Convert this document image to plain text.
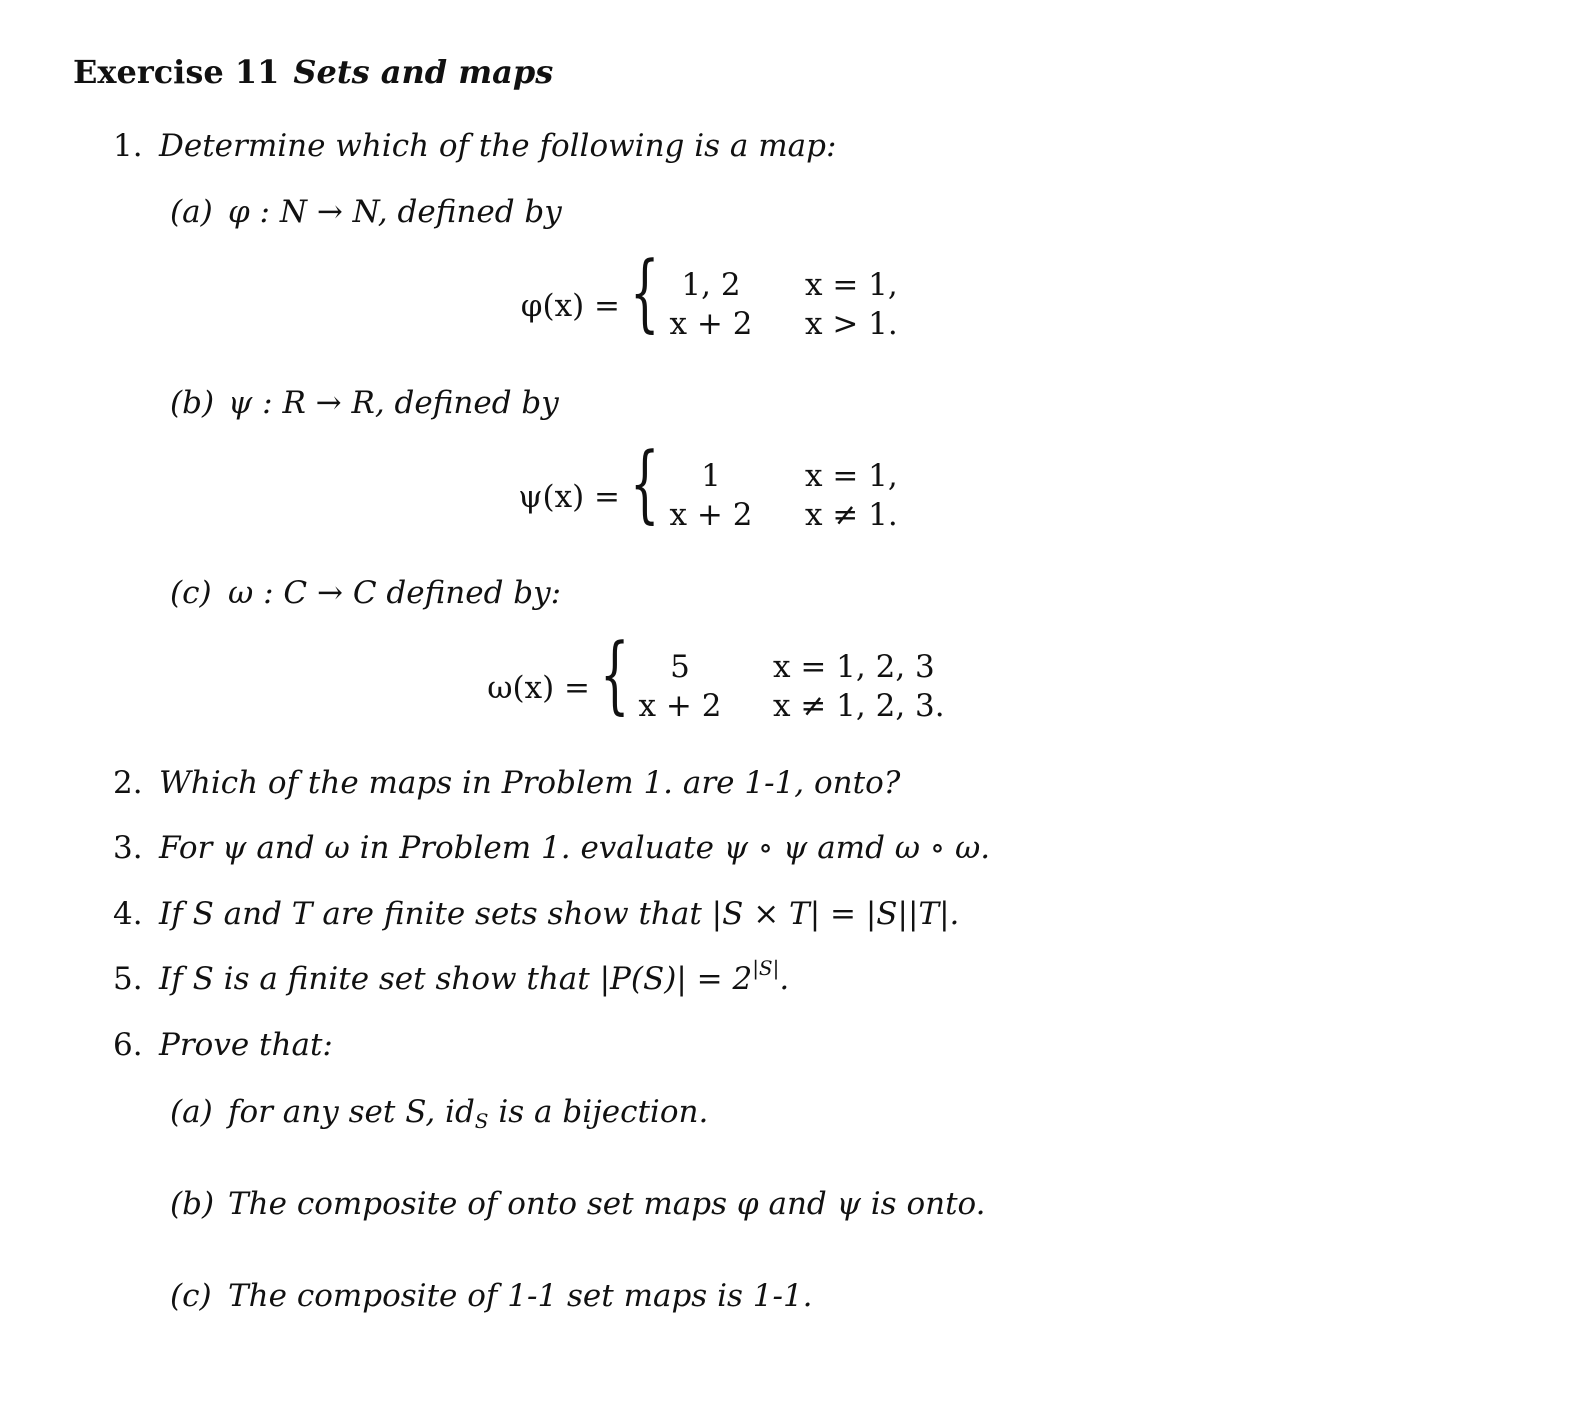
Exercise 11 Sets and maps
1. Determine which of the following is a map:
(a) φ : N → N, defined by
φ(x) = { 1, 2	x = 1,
x + 2	x > 1.
(b) ψ : R → R, defined by
ψ(x) = {	1	x = 1,
x + 2	x ≠ 1.
(c) ω : C → C defined by:
ω(x) = {	5	x = 1, 2, 3
x + 2	x ≠ 1, 2, 3.
2. Which of the maps in Problem 1. are 1-1, onto?
3. For ψ and ω in Problem 1. evaluate ψ ∘ ψ amd ω ∘ ω.
4. If S and T are finite sets show that |S × T| = |S||T|.
5. If S is a finite set show that $|P(S)| = 2^{|S|}$.
6. Prove that:
(a) for any set S, $id_S$ is a bijection.
(b) The composite of onto set maps φ and ψ is onto.
(c) The composite of 1-1 set maps is 1-1.
